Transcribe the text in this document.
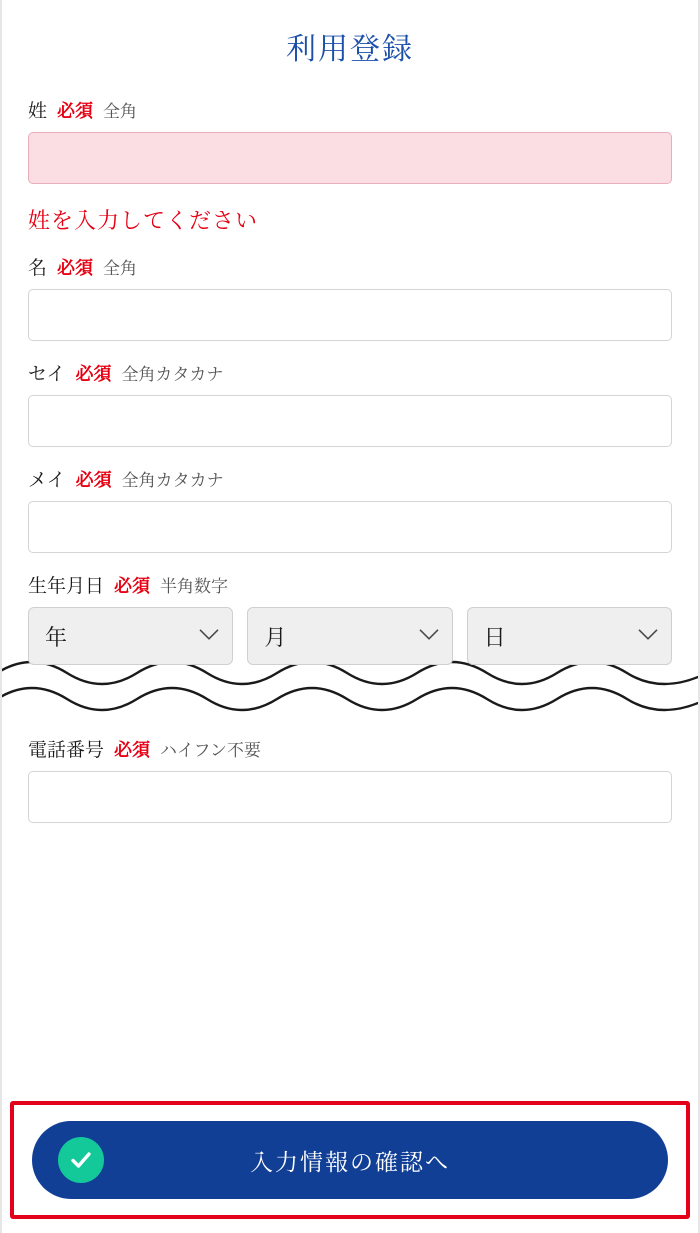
利用登録
姓 必須 全角
姓を入力してください
名 必須 全角
セイ 必須 全角カタカナ
メイ 必須 全角カタカナ
生年月日 必須 半角数字
年	月	日
電話番号 必須 ハイフン不要
入力情報の確認へ
